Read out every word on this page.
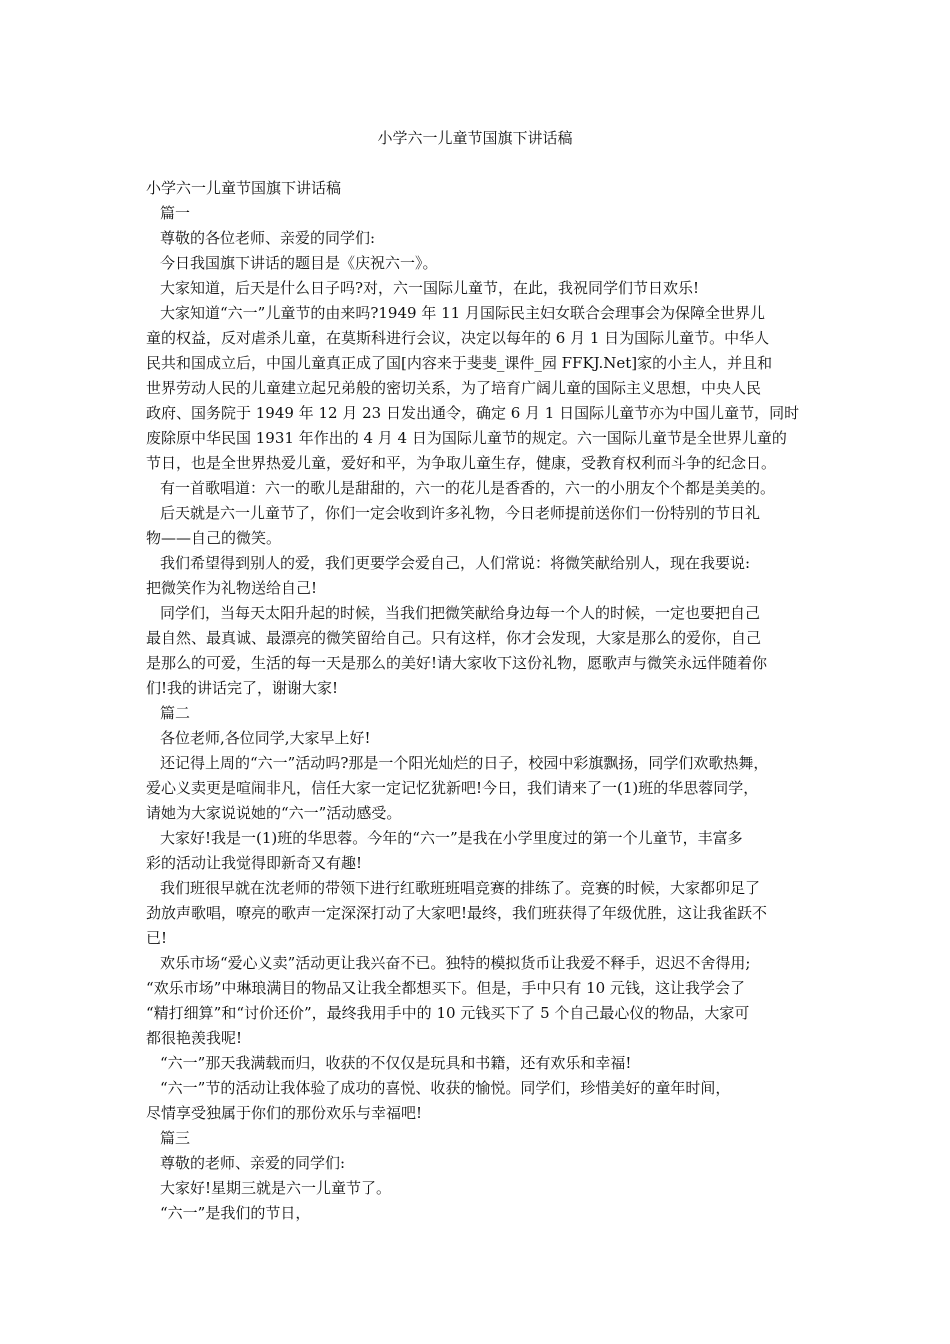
小学六一儿童节国旗下讲话稿
小学六一儿童节国旗下讲话稿
篇一
尊敬的各位老师、亲爱的同学们:
今日我国旗下讲话的题目是《庆祝六一》。
大家知道，后天是什么日子吗?对，六一国际儿童节，在此，我祝同学们节日欢乐!
大家知道“六一”儿童节的由来吗?1949 年 11 月国际民主妇女联合会理事会为保障全世界儿
童的权益，反对虐杀儿童，在莫斯科进行会议，决定以每年的 6 月 1 日为国际儿童节。中华人
民共和国成立后，中国儿童真正成了国[内容来于斐斐_课件_园 FFKJ.Net]家的小主人，并且和
世界劳动人民的儿童建立起兄弟般的密切关系，为了培育广阔儿童的国际主义思想，中央人民
政府、国务院于 1949 年 12 月 23 日发出通令，确定 6 月 1 日国际儿童节亦为中国儿童节，同时
废除原中华民国 1931 年作出的 4 月 4 日为国际儿童节的规定。六一国际儿童节是全世界儿童的
节日，也是全世界热爱儿童，爱好和平，为争取儿童生存，健康，受教育权利而斗争的纪念日。
有一首歌唱道：六一的歌儿是甜甜的，六一的花儿是香香的，六一的小朋友个个都是美美的。
后天就是六一儿童节了，你们一定会收到许多礼物，今日老师提前送你们一份特别的节日礼
物——自己的微笑。
我们希望得到别人的爱，我们更要学会爱自己，人们常说：将微笑献给别人，现在我要说:
把微笑作为礼物送给自己!
同学们，当每天太阳升起的时候，当我们把微笑献给身边每一个人的时候，一定也要把自己
最自然、最真诚、最漂亮的微笑留给自己。只有这样，你才会发现，大家是那么的爱你，自己
是那么的可爱，生活的每一天是那么的美好!请大家收下这份礼物，愿歌声与微笑永远伴随着你
们!我的讲话完了，谢谢大家!
篇二
各位老师,各位同学,大家早上好!
还记得上周的“六一”活动吗?那是一个阳光灿烂的日子，校园中彩旗飘扬，同学们欢歌热舞，
爱心义卖更是喧闹非凡，信任大家一定记忆犹新吧!今日，我们请来了一(1)班的华思蓉同学，
请她为大家说说她的“六一”活动感受。
大家好!我是一(1)班的华思蓉。今年的“六一”是我在小学里度过的第一个儿童节，丰富多
彩的活动让我觉得即新奇又有趣!
我们班很早就在沈老师的带领下进行红歌班班唱竞赛的排练了。竞赛的时候，大家都卯足了
劲放声歌唱，嘹亮的歌声一定深深打动了大家吧!最终，我们班获得了年级优胜，这让我雀跃不
已!
欢乐市场“爱心义卖”活动更让我兴奋不已。独特的模拟货币让我爱不释手，迟迟不舍得用;
“欢乐市场”中琳琅满目的物品又让我全都想买下。但是，手中只有 10 元钱，这让我学会了
“精打细算”和“讨价还价”，最终我用手中的 10 元钱买下了 5 个自己最心仪的物品，大家可
都很艳羡我呢!
“六一”那天我满载而归，收获的不仅仅是玩具和书籍，还有欢乐和幸福!
“六一”节的活动让我体验了成功的喜悦、收获的愉悦。同学们，珍惜美好的童年时间，
尽情享受独属于你们的那份欢乐与幸福吧!
篇三
尊敬的老师、亲爱的同学们:
大家好!星期三就是六一儿童节了。
“六一”是我们的节日，
